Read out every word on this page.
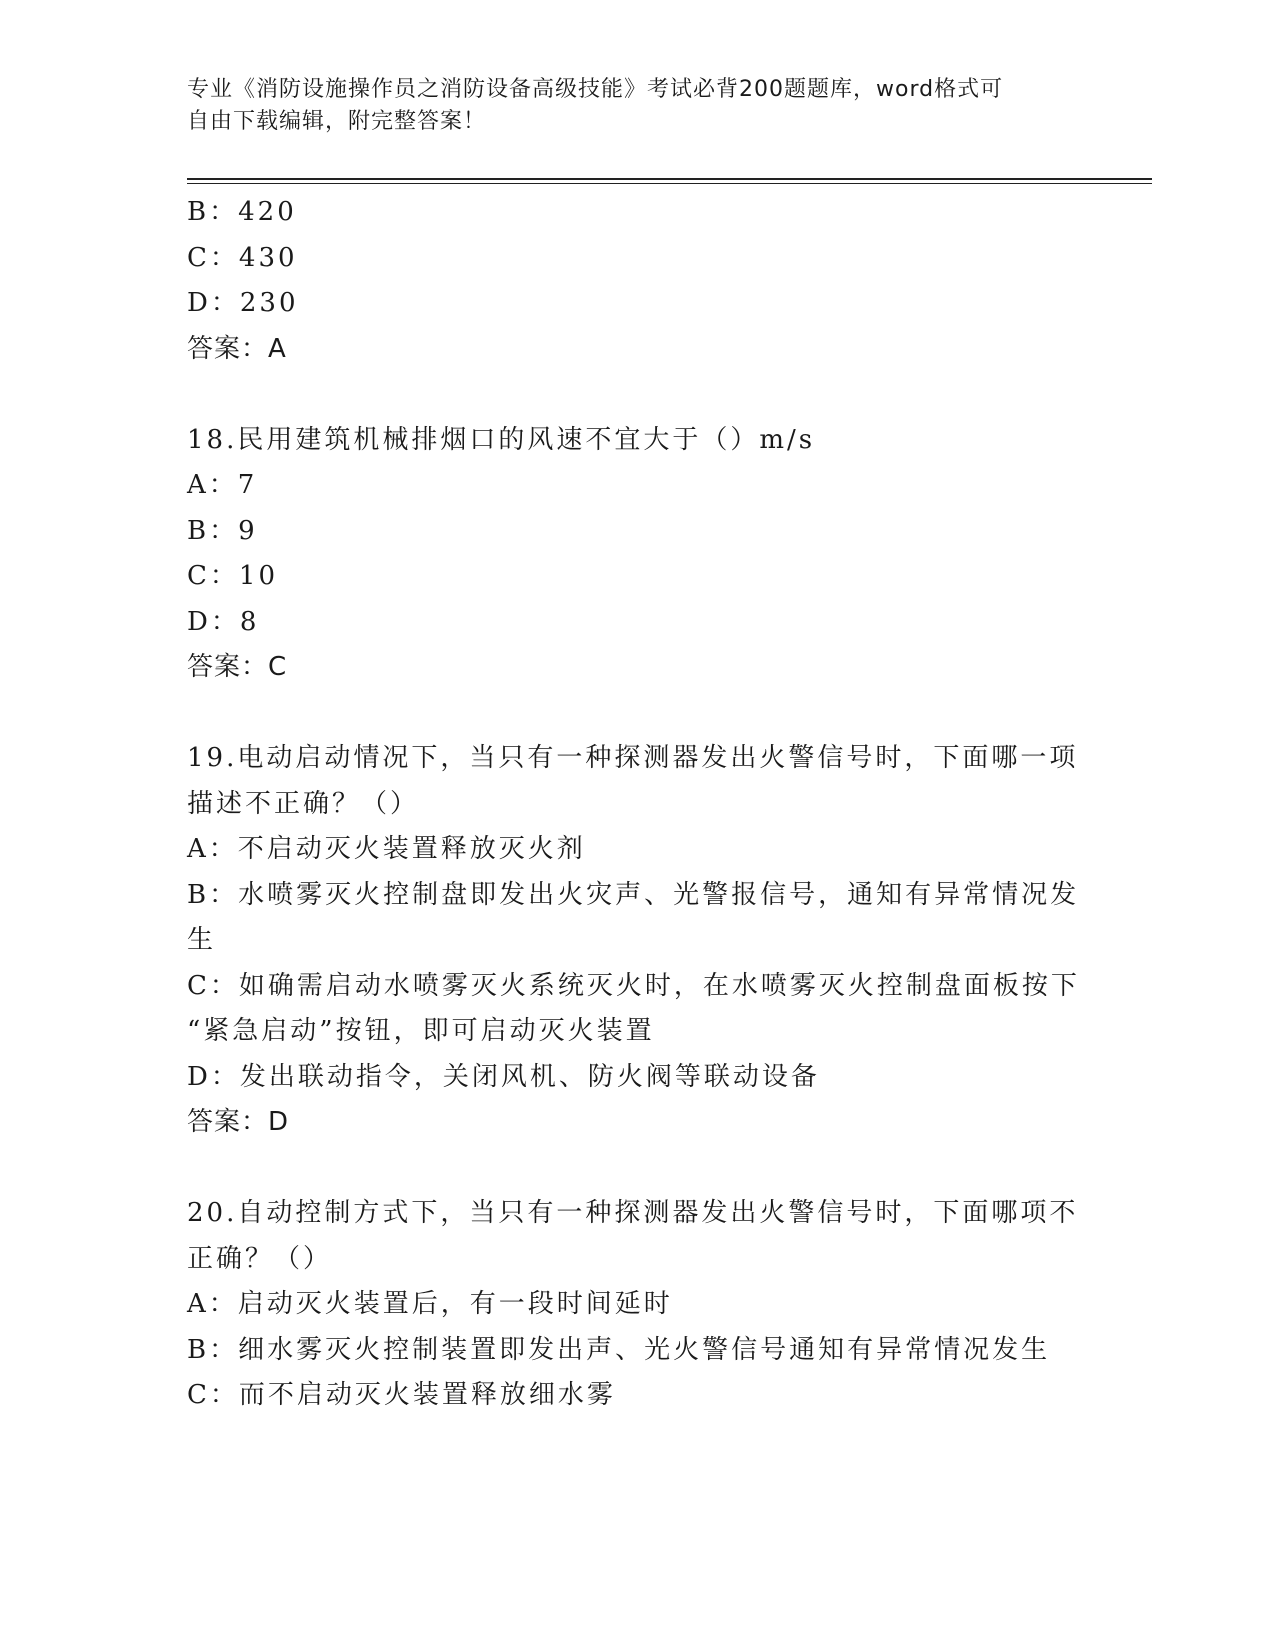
专业《消防设施操作员之消防设备高级技能》考试必背200题题库，word格式可
自由下载编辑，附完整答案！
B：420
C：430
D：230
答案：A
18.民用建筑机械排烟口的风速不宜大于（）m/s
A：7
B：9
C：10
D：8
答案：C
19.电动启动情况下，当只有一种探测器发出火警信号时，下面哪一项
描述不正确？（）
A：不启动灭火装置释放灭火剂
B：水喷雾灭火控制盘即发出火灾声、光警报信号，通知有异常情况发
生
C：如确需启动水喷雾灭火系统灭火时，在水喷雾灭火控制盘面板按下
“紧急启动”按钮，即可启动灭火装置
D：发出联动指令，关闭风机、防火阀等联动设备
答案：D
20.自动控制方式下，当只有一种探测器发出火警信号时，下面哪项不
正确？（）
A：启动灭火装置后，有一段时间延时
B：细水雾灭火控制装置即发出声、光火警信号通知有异常情况发生
C：而不启动灭火装置释放细水雾
